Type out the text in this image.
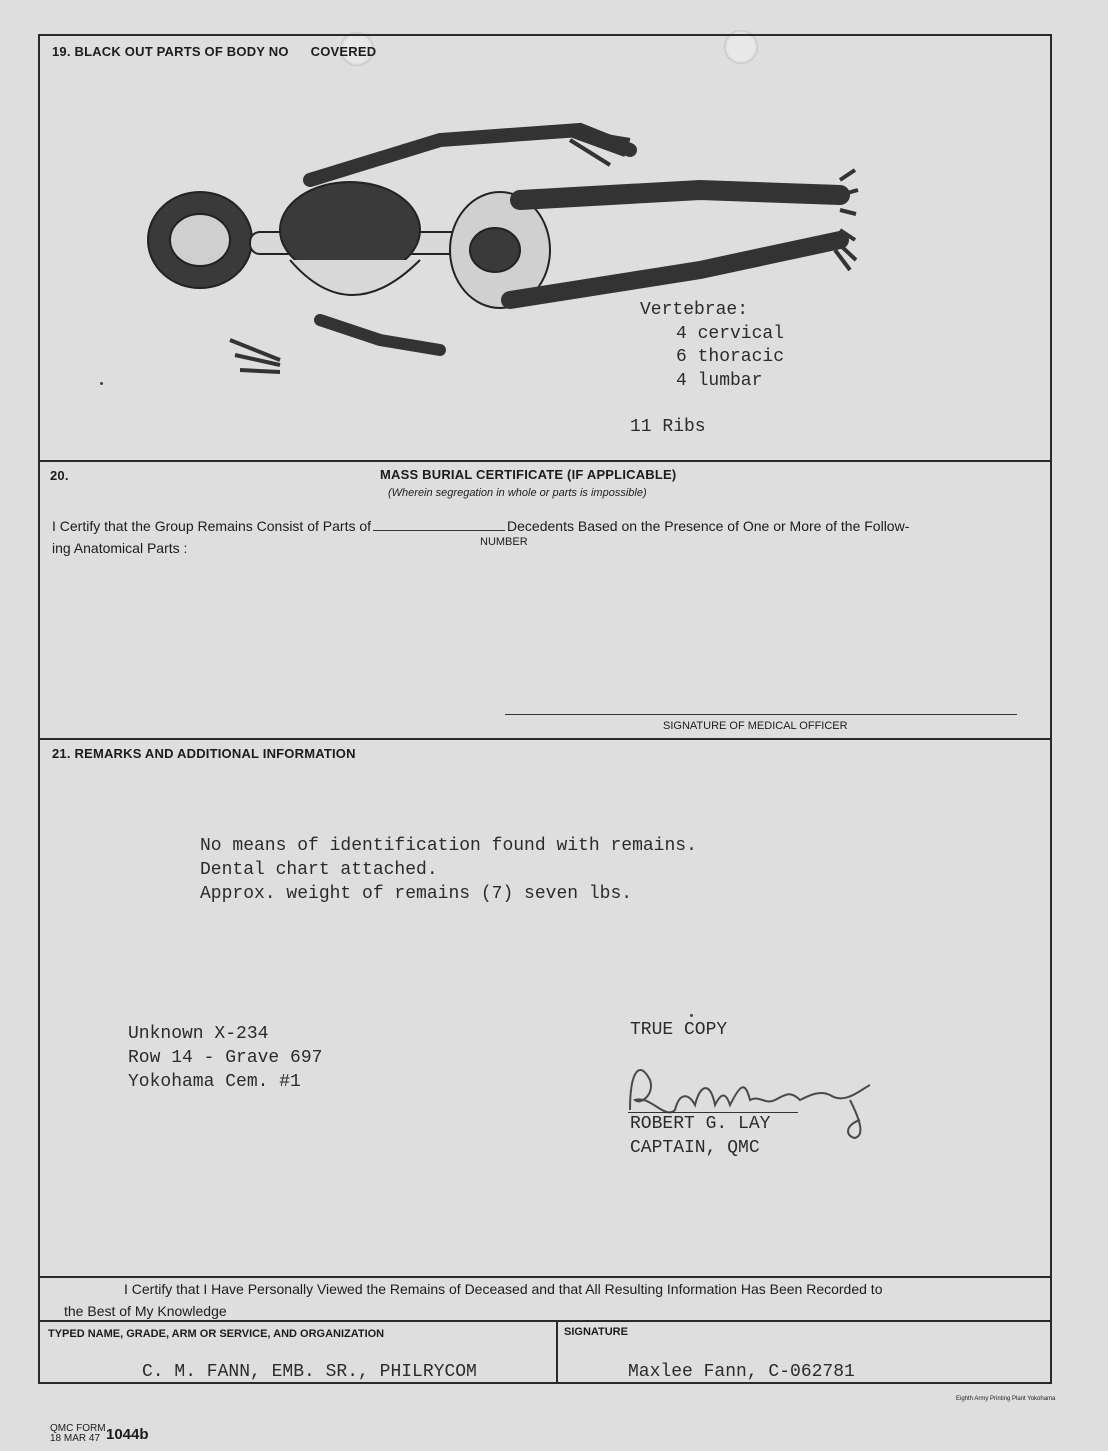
19. BLACK OUT PARTS OF BODY NO COVERED
Vertebrae:
4 cervical
6 thoracic
4 lumbar
11 Ribs
20.	MASS BURIAL CERTIFICATE (IF APPLICABLE)
(Wherein segregation in whole or parts is impossible)
I Certify that the Group Remains Consist of Parts of	Decedents Based on the Presence of One or More of the Follow-
NUMBER
ing Anatomical Parts :
SIGNATURE OF MEDICAL OFFICER
21. REMARKS AND ADDITIONAL INFORMATION
No means of identification found with remains.
Dental chart attached.
Approx. weight of remains (7) seven lbs.
Unknown X-234
Row 14 - Grave 697
Yokohama Cem. #1
TRUE COPY
ROBERT G. LAY
CAPTAIN, QMC
I Certify that I Have Personally Viewed the Remains of Deceased and that All Resulting Information Has Been Recorded to
the Best of My Knowledge
TYPED NAME, GRADE, ARM OR SERVICE, AND ORGANIZATION
C. M. FANN, EMB. SR., PHILRYCOM
SIGNATURE
Maxlee Fann, C-062781
QMC FORM
18 MAR 47 1044b
Eighth Army Printing Plant Yokohama
